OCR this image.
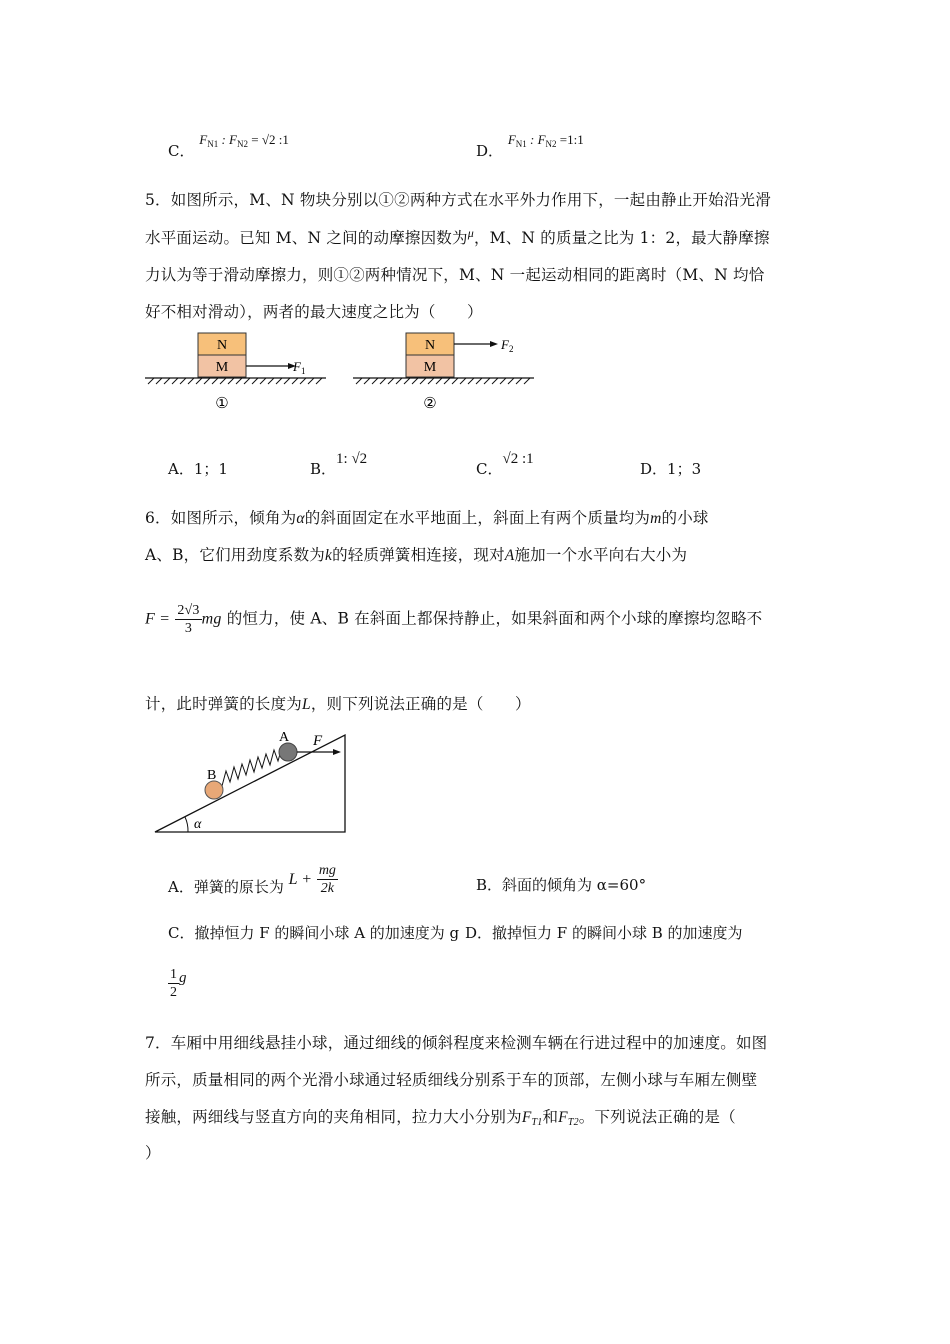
C． $F_{N1}$ : $F_{N2} = √2$ :1
D． $F_{N1}$ : $F_{N2}$ =1:1
5．如图所示，M、N 物块分别以①②两种方式在水平外力作用下，一起由静止开始沿光滑
水平面运动。已知 M、N 之间的动摩擦因数为$^\mu$，M、N 的质量之比为 1：2，最大静摩擦
力认为等于滑动摩擦力，则①②两种情况下，M、N 一起运动相同的距离时（M、N 均恰
好不相对滑动），两者的最大速度之比为（　　）
N
M	$F_1$
①
N
M
$F_2$
②
A．1；1	B．1: √2
C．√2 :1
D．1；3
6．如图所示，倾角为α的斜面固定在水平地面上，斜面上有两个质量均为m的小球
A、B，它们用劲度系数为k的轻质弹簧相连接，现对A施加一个水平向右大小为
$F = \frac{2√3}{3}$ mg 的恒力，使 A、B 在斜面上都保持静止，如果斜面和两个小球的摩擦均忽略不
计，此时弹簧的长度为L，则下列说法正确的是（　　）
α
B
A F
A．弹簧的原长为 $L + \frac{mg}{2k}$	B．斜面的倾角为 α=60°
C．撤掉恒力 F 的瞬间小球 A 的加速度为 g D．撤掉恒力 F 的瞬间小球 B 的加速度为
$\frac{1}{2}$ g
7．车厢中用细线悬挂小球，通过细线的倾斜程度来检测车辆在行进过程中的加速度。如图
所示，质量相同的两个光滑小球通过轻质细线分别系于车的顶部，左侧小球与车厢左侧壁
接触，两细线与竖直方向的夹角相同，拉力大小分别为FT1和FT2。下列说法正确的是（
）
